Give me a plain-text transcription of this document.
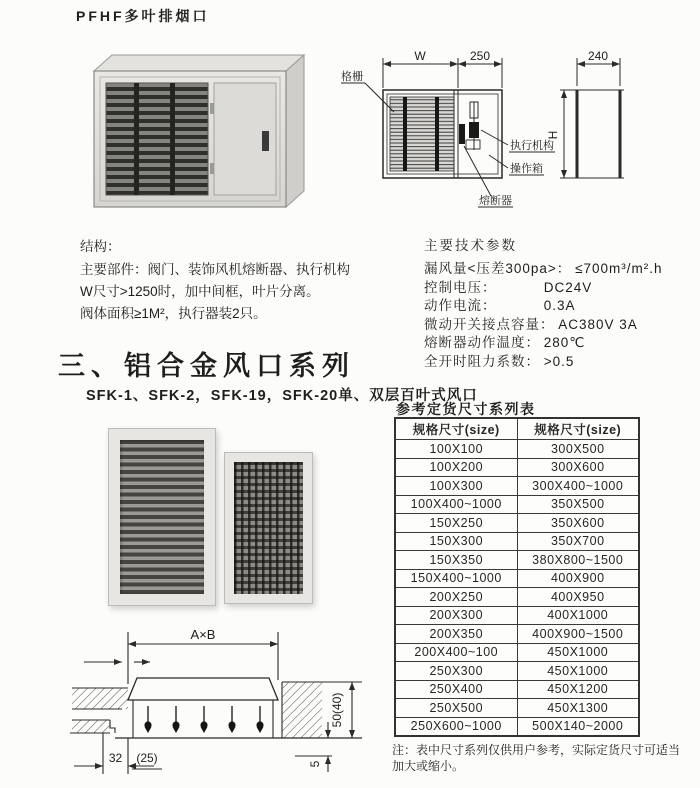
PFHF多叶排烟口
W	250	240
H
格栅
执行机构
操作箱
熔断器
结构：
主要部件：阀门、装饰风机熔断器、执行机构
W尺寸>1250时，加中间框，叶片分离。
阀体面积≥1M²，执行器装2只。
主要技术参数
漏风量<压差300pa>： ≤700m³/m².h
控制电压：	DC24V
动作电流：	0.3A
微动开关接点容量： AC380V 3A
熔断器动作温度： 280℃
全开时阻力系数： >0.5
三、铝合金风口系列
SFK-1、SFK-2，SFK-19，SFK-20单、双层百叶式风口
参考定货尺寸系列表
规格尺寸(size)	规格尺寸(size)
100X100	300X500
100X200	300X600
100X300	300X400~1000
100X400~1000	350X500
150X250	350X600
150X300	350X700
150X350	380X800~1500
150X400~1000	400X900
200X250	400X950
200X300	400X1000
200X350	400X900~1500
200X400~100	450X1000
250X300	450X1000
250X400	450X1200
250X500	450X1300
250X600~1000	500X140~2000
注：表中尺寸系列仅供用户参考，实际定货尺寸可适当加大或缩小。
A×B
32 (25)
50(40)
5
